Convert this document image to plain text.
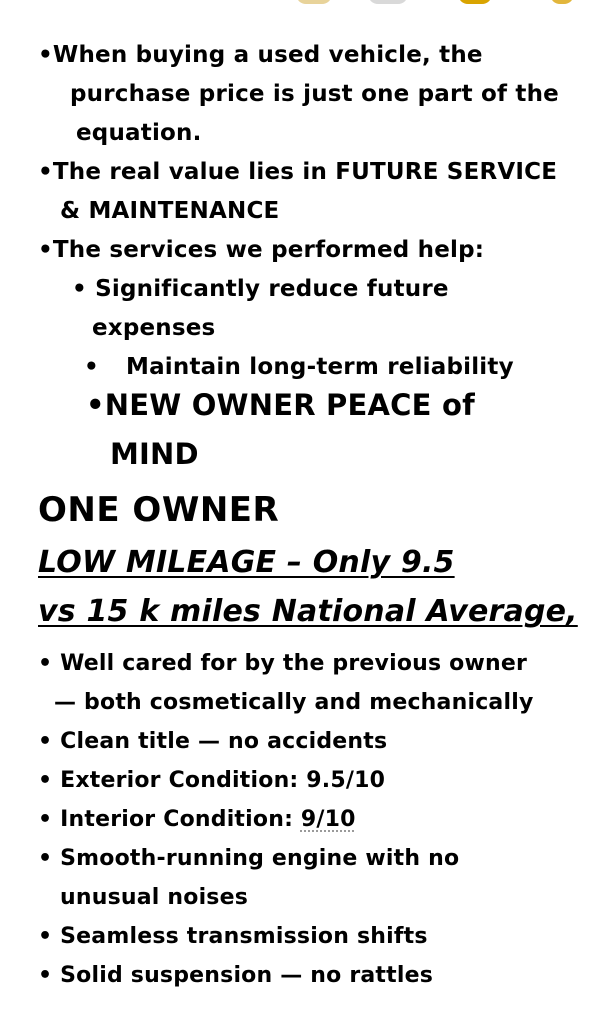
•When buying a used vehicle, the
purchase price is just one part of the
equation.
•The real value lies in FUTURE SERVICE
& MAINTENANCE
•The services we performed help:
• Significantly reduce future
expenses
• Maintain long-term reliability
•NEW OWNER PEACE of
MIND
ONE OWNER
LOW MILEAGE – Only 9.5
vs 15 k miles National Average,
• Well cared for by the previous owner
— both cosmetically and mechanically
• Clean title — no accidents
• Exterior Condition: 9.5/10
• Interior Condition: 9/10
• Smooth-running engine with no
unusual noises
• Seamless transmission shifts
• Solid suspension — no rattles
